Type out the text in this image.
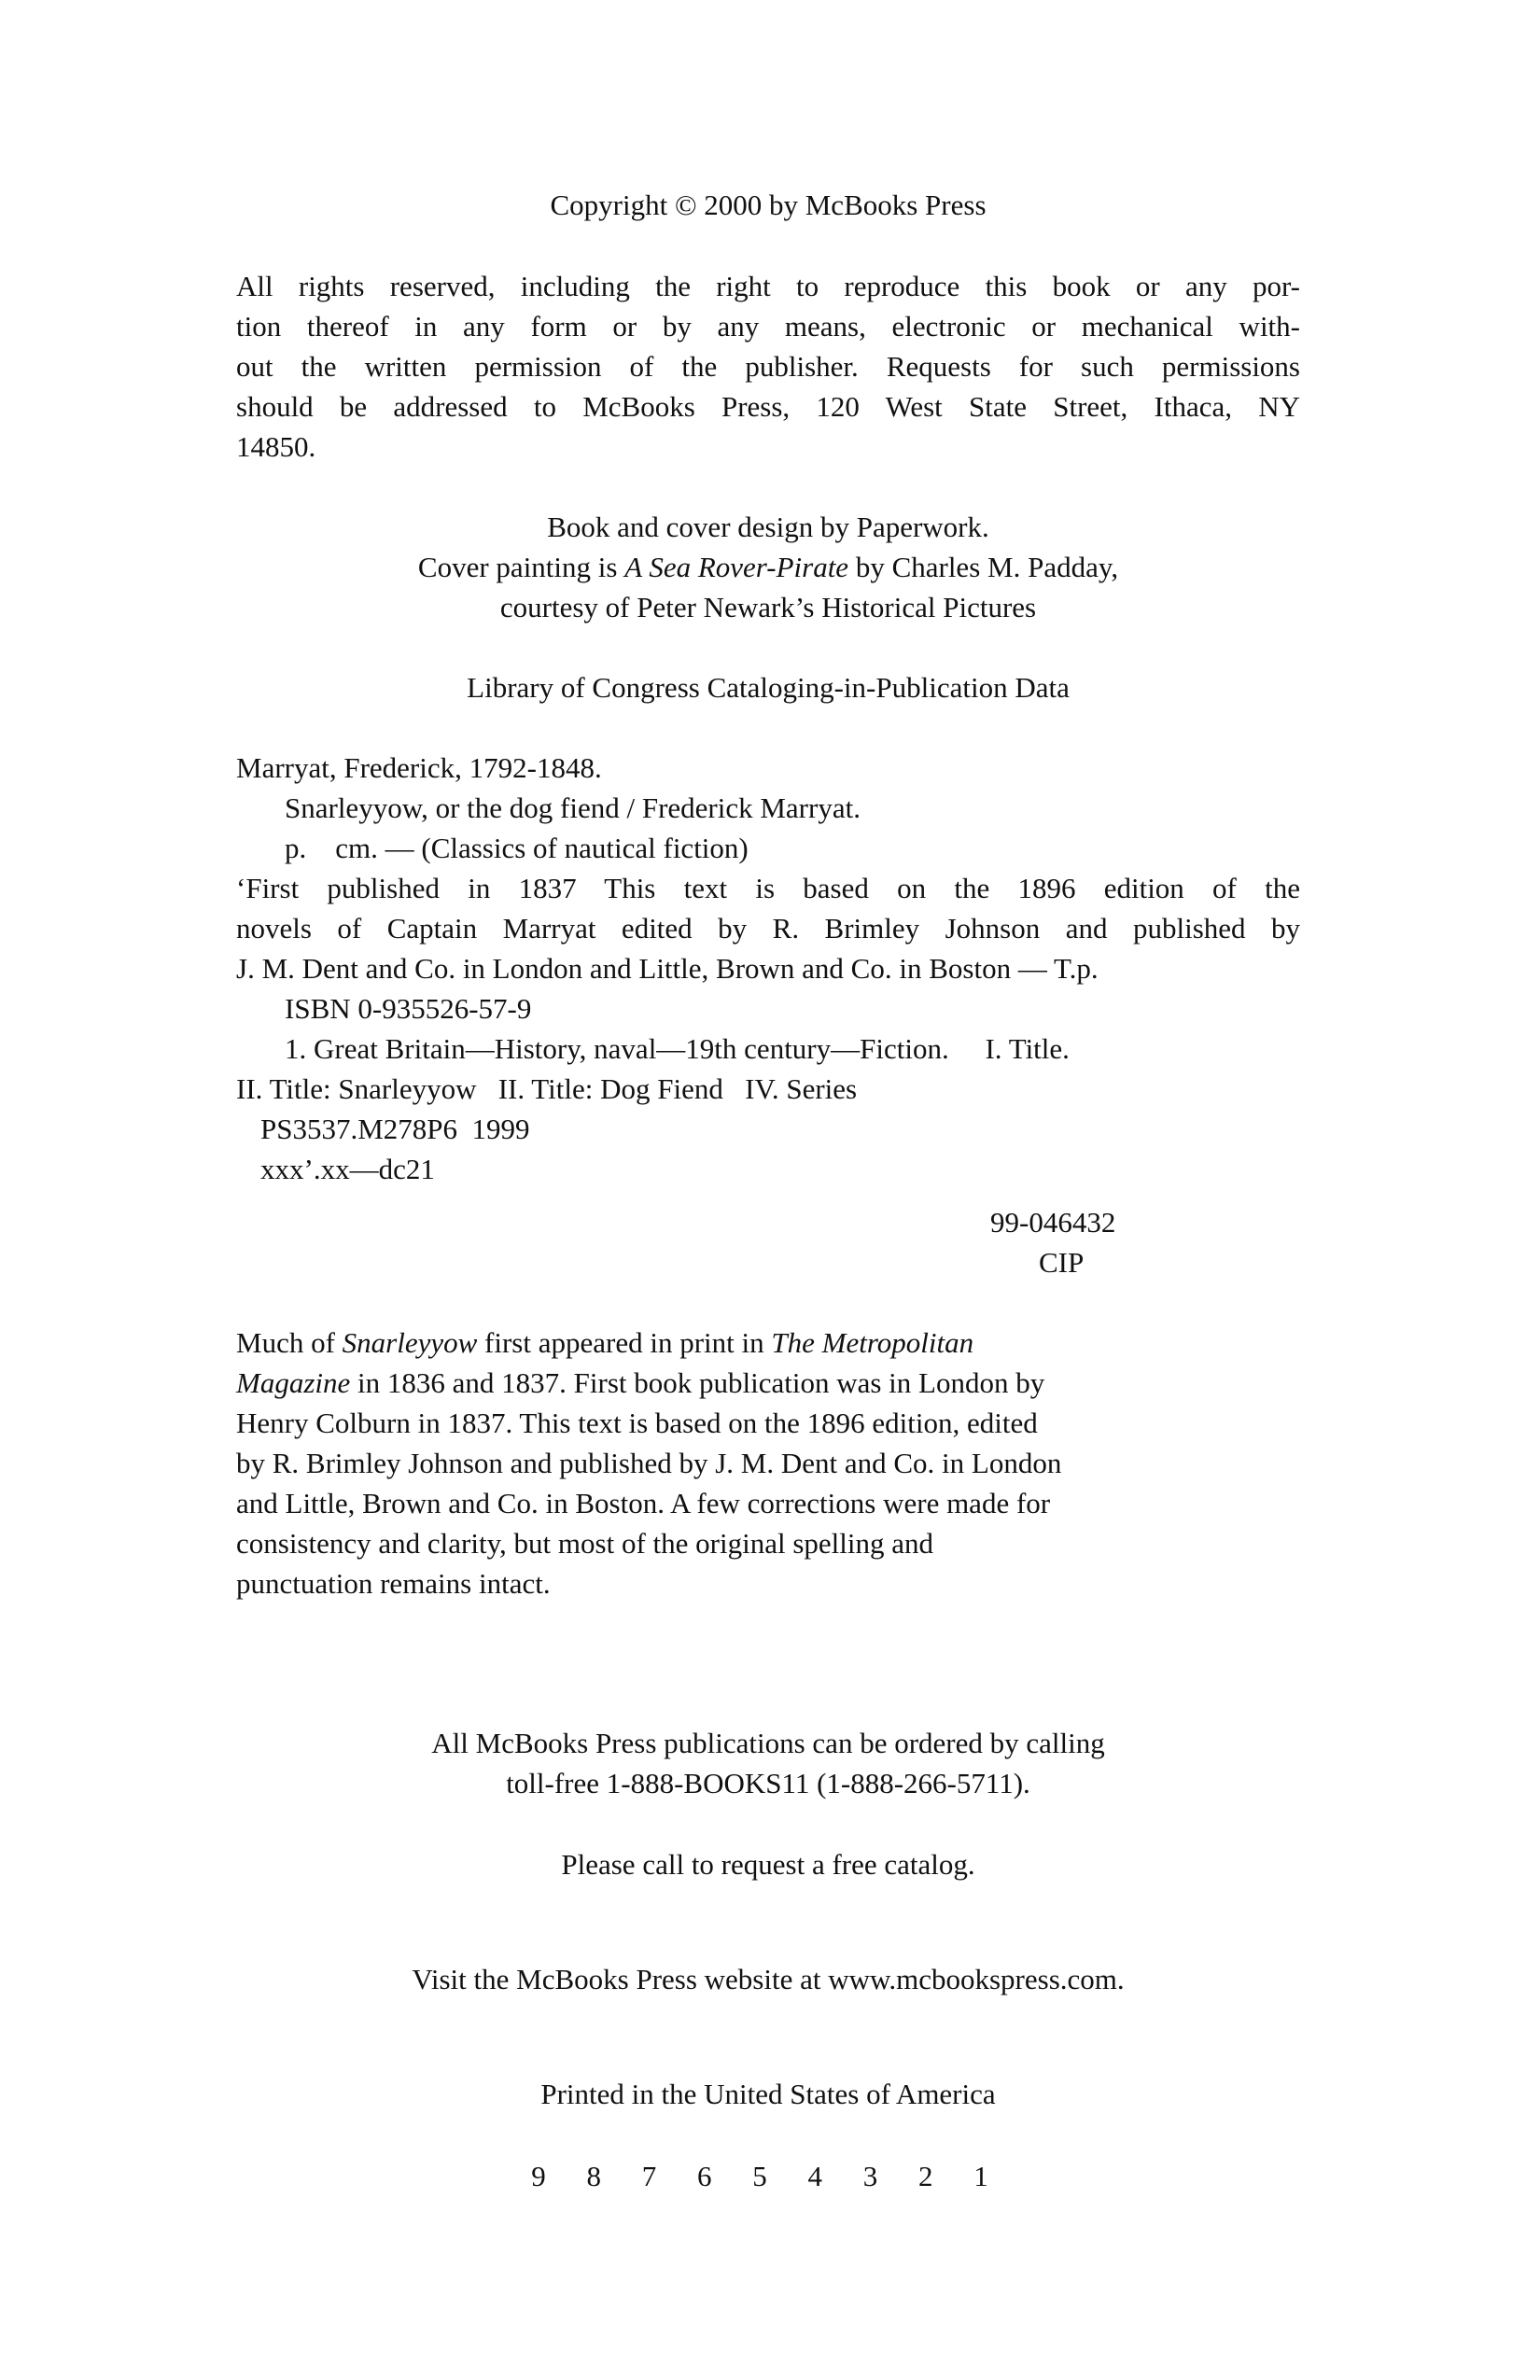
Copyright © 2000 by McBooks Press
All rights reserved, including the right to reproduce this book or any por-
tion thereof in any form or by any means, electronic or mechanical with-
out the written permission of the publisher. Requests for such permissions
should be addressed to McBooks Press, 120 West State Street, Ithaca, NY
14850.
Book and cover design by Paperwork.
Cover painting is A Sea Rover-Pirate by Charles M. Padday,
courtesy of Peter Newark’s Historical Pictures
Library of Congress Cataloging-in-Publication Data
Marryat, Frederick, 1792-1848.
Snarleyyow, or the dog fiend / Frederick Marryat.
p.    cm. — (Classics of nautical fiction)
‘First published in 1837 This text is based on the 1896 edition of the
novels of Captain Marryat edited by R. Brimley Johnson and published by
J. M. Dent and Co. in London and Little, Brown and Co. in Boston — T.p.
ISBN 0-935526-57-9
1. Great Britain—History, naval—19th century—Fiction.     I. Title.
II. Title: Snarleyyow   II. Title: Dog Fiend   IV. Series
PS3537.M278P6  1999
xxx’.xx—dc21
99-046432
CIP
Much of Snarleyyow first appeared in print in The Metropolitan
Magazine in 1836 and 1837. First book publication was in London by
Henry Colburn in 1837. This text is based on the 1896 edition, edited
by R. Brimley Johnson and published by J. M. Dent and Co. in London
and Little, Brown and Co. in Boston. A few corrections were made for
consistency and clarity, but most of the original spelling and
punctuation remains intact.
All McBooks Press publications can be ordered by calling
toll-free 1-888-BOOKS11 (1-888-266-5711).
Please call to request a free catalog.
Visit the McBooks Press website at www.mcbookspress.com.
Printed in the United States of America
9 8 7 6 5 4 3 2 1
